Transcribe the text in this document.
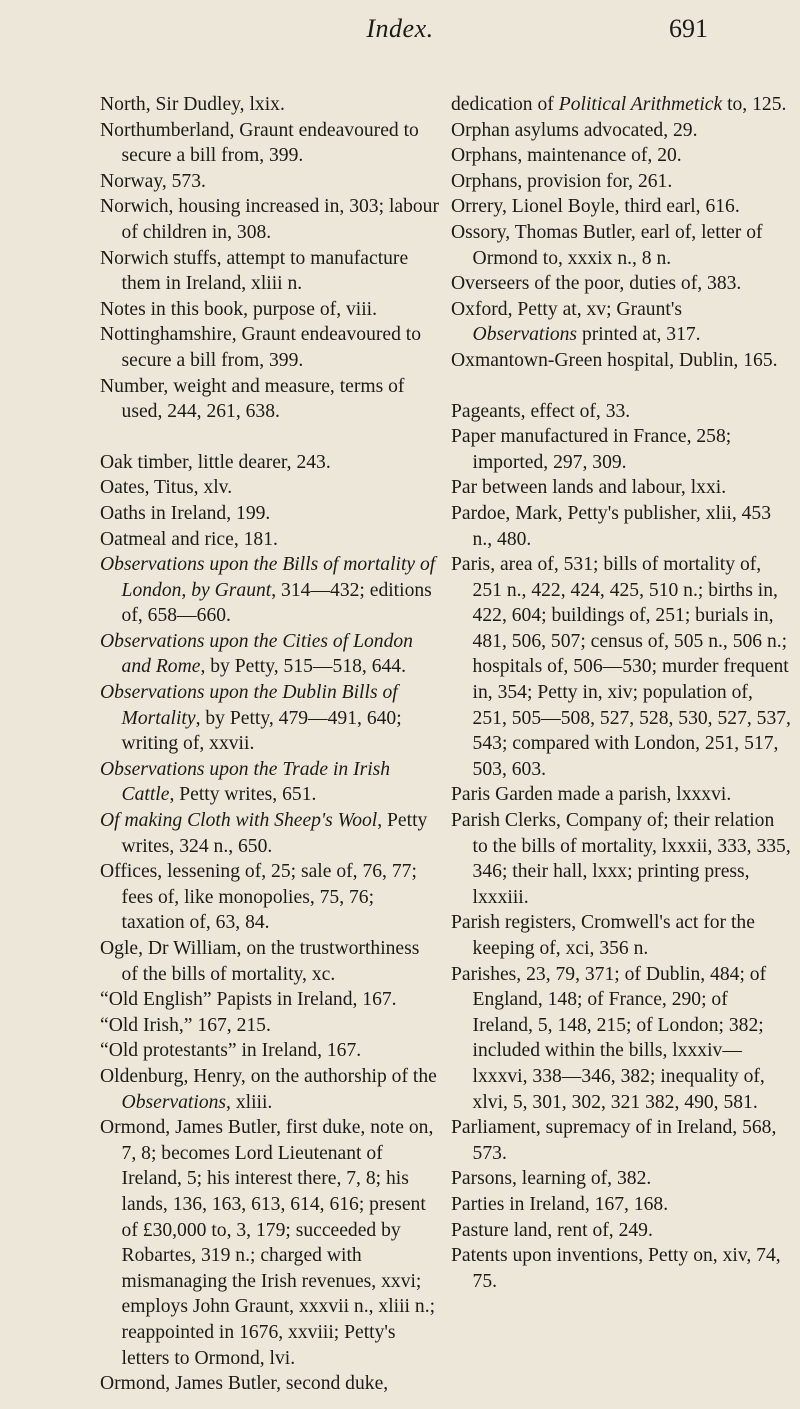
Index.	691
North, Sir Dudley, lxix.
Northumberland, Graunt endeavoured to secure a bill from, 399.
Norway, 573.
Norwich, housing increased in, 303; labour of children in, 308.
Norwich stuffs, attempt to manufacture them in Ireland, xliii n.
Notes in this book, purpose of, viii.
Nottinghamshire, Graunt endeavoured to secure a bill from, 399.
Number, weight and measure, terms of used, 244, 261, 638.
Oak timber, little dearer, 243.
Oates, Titus, xlv.
Oaths in Ireland, 199.
Oatmeal and rice, 181.
Observations upon the Bills of mortality of London, by Graunt, 314—432; editions of, 658—660.
Observations upon the Cities of London and Rome, by Petty, 515—518, 644.
Observations upon the Dublin Bills of Mortality, by Petty, 479—491, 640; writing of, xxvii.
Observations upon the Trade in Irish Cattle, Petty writes, 651.
Of making Cloth with Sheep's Wool, Petty writes, 324 n., 650.
Offices, lessening of, 25; sale of, 76, 77; fees of, like monopolies, 75, 76; taxation of, 63, 84.
Ogle, Dr William, on the trustworthiness of the bills of mortality, xc.
“Old English” Papists in Ireland, 167.
“Old Irish,” 167, 215.
“Old protestants” in Ireland, 167.
Oldenburg, Henry, on the authorship of the Observations, xliii.
Ormond, James Butler, first duke, note on, 7, 8; becomes Lord Lieutenant of Ireland, 5; his interest there, 7, 8; his lands, 136, 163, 613, 614, 616; present of £30,000 to, 3, 179; succeeded by Robartes, 319 n.; charged with mismanaging the Irish revenues, xxvi; employs John Graunt, xxxvii n., xliii n.; reappointed in 1676, xxviii; Petty's letters to Ormond, lvi.
Ormond, James Butler, second duke,
dedication of Political Arithmetick to, 125.
Orphan asylums advocated, 29.
Orphans, maintenance of, 20.
Orphans, provision for, 261.
Orrery, Lionel Boyle, third earl, 616.
Ossory, Thomas Butler, earl of, letter of Ormond to, xxxix n., 8 n.
Overseers of the poor, duties of, 383.
Oxford, Petty at, xv; Graunt's Observations printed at, 317.
Oxmantown-Green hospital, Dublin, 165.
Pageants, effect of, 33.
Paper manufactured in France, 258; imported, 297, 309.
Par between lands and labour, lxxi.
Pardoe, Mark, Petty's publisher, xlii, 453 n., 480.
Paris, area of, 531; bills of mortality of, 251 n., 422, 424, 425, 510 n.; births in, 422, 604; buildings of, 251; burials in, 481, 506, 507; census of, 505 n., 506 n.; hospitals of, 506—530; murder frequent in, 354; Petty in, xiv; population of, 251, 505—508, 527, 528, 530, 527, 537, 543; compared with London, 251, 517, 503, 603.
Paris Garden made a parish, lxxxvi.
Parish Clerks, Company of; their relation to the bills of mortality, lxxxii, 333, 335, 346; their hall, lxxx; printing press, lxxxiii.
Parish registers, Cromwell's act for the keeping of, xci, 356 n.
Parishes, 23, 79, 371; of Dublin, 484; of England, 148; of France, 290; of Ireland, 5, 148, 215; of London; 382; included within the bills, lxxxiv—lxxxvi, 338—346, 382; inequality of, xlvi, 5, 301, 302, 321 382, 490, 581.
Parliament, supremacy of in Ireland, 568, 573.
Parsons, learning of, 382.
Parties in Ireland, 167, 168.
Pasture land, rent of, 249.
Patents upon inventions, Petty on, xiv, 74, 75.
